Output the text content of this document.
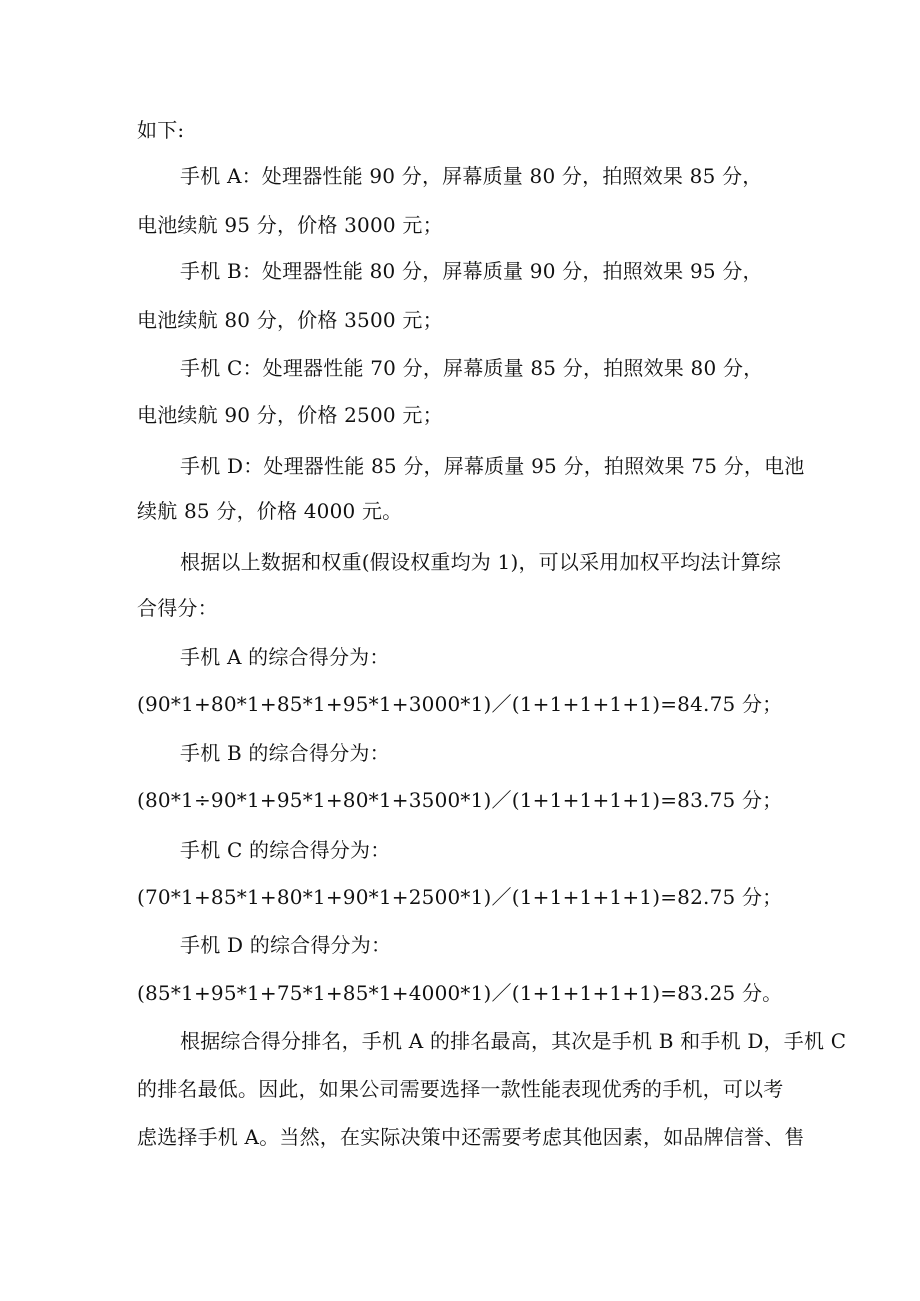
如下:

手机 A：处理器性能 90 分，屏幕质量 80 分，拍照效果 85 分，

电池续航 95 分，价格 3000 元；

手机 B：处理器性能 80 分，屏幕质量 90 分，拍照效果 95 分，

电池续航 80 分，价格 3500 元；

手机 C：处理器性能 70 分，屏幕质量 85 分，拍照效果 80 分，

电池续航 90 分，价格 2500 元；

手机 D：处理器性能 85 分，屏幕质量 95 分，拍照效果 75 分，电池

续航 85 分，价格 4000 元。

根据以上数据和权重(假设权重均为 1)，可以采用加权平均法计算综

合得分：

手机 A 的综合得分为：

(90*1+80*1+85*1+95*1+3000*1)／(1+1+1+1+1)=84.75 分；

手机 B 的综合得分为：

(80*1÷90*1+95*1+80*1+3500*1)／(1+1+1+1+1)=83.75 分；

手机 C 的综合得分为：

(70*1+85*1+80*1+90*1+2500*1)／(1+1+1+1+1)=82.75 分；

手机 D 的综合得分为：

(85*1+95*1+75*1+85*1+4000*1)／(1+1+1+1+1)=83.25 分。

根据综合得分排名，手机 A 的排名最高，其次是手机 B 和手机 D，手机 C

的排名最低。因此，如果公司需要选择一款性能表现优秀的手机，可以考

虑选择手机 A。当然，在实际决策中还需要考虑其他因素，如品牌信誉、售
